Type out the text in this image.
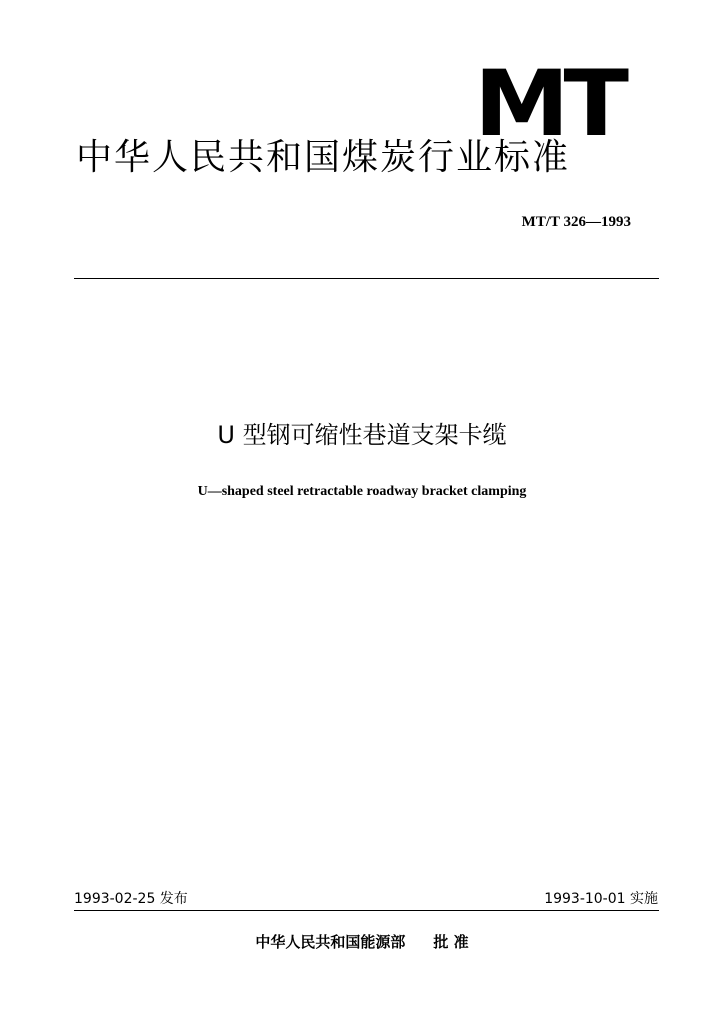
MT
中华人民共和国煤炭行业标准
MT/T 326—1993
U 型钢可缩性巷道支架卡缆
U—shaped steel retractable roadway bracket clamping
1993-02-25 发布	1993-10-01 实施
中华人民共和国能源部 批 准
